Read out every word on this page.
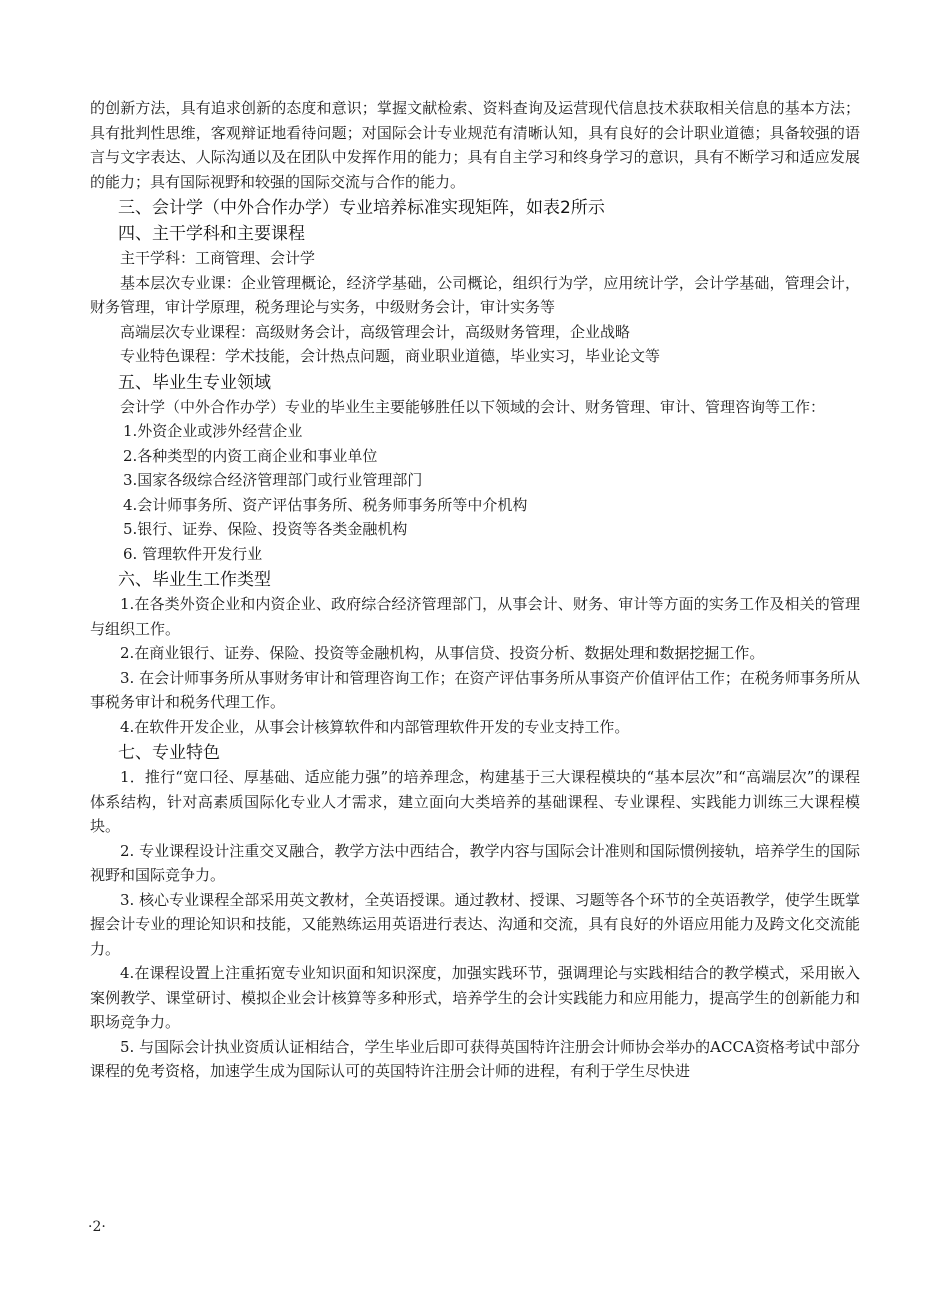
的创新方法，具有追求创新的态度和意识；掌握文献检索、资料查询及运营现代信息技术获取相关信息的基本方法；具有批判性思维，客观辩证地看待问题；对国际会计专业规范有清晰认知，具有良好的会计职业道德；具备较强的语言与文字表达、人际沟通以及在团队中发挥作用的能力；具有自主学习和终身学习的意识，具有不断学习和适应发展的能力；具有国际视野和较强的国际交流与合作的能力。

三、会计学（中外合作办学）专业培养标准实现矩阵，如表2所示
四、主干学科和主要课程

主干学科：工商管理、会计学

基本层次专业课：企业管理概论，经济学基础，公司概论，组织行为学，应用统计学，会计学基础，管理会计，财务管理，审计学原理，税务理论与实务，中级财务会计，审计实务等

高端层次专业课程：高级财务会计，高级管理会计，高级财务管理，企业战略

专业特色课程：学术技能，会计热点问题，商业职业道德，毕业实习，毕业论文等

五、毕业生专业领域

会计学（中外合作办学）专业的毕业生主要能够胜任以下领域的会计、财务管理、审计、管理咨询等工作：

1.外资企业或涉外经营企业

2.各种类型的内资工商企业和事业单位

3.国家各级综合经济管理部门或行业管理部门

4.会计师事务所、资产评估事务所、税务师事务所等中介机构

5.银行、证券、保险、投资等各类金融机构

6. 管理软件开发行业

六、毕业生工作类型

1.在各类外资企业和内资企业、政府综合经济管理部门，从事会计、财务、审计等方面的实务工作及相关的管理与组织工作。

2.在商业银行、证券、保险、投资等金融机构，从事信贷、投资分析、数据处理和数据挖掘工作。

3. 在会计师事务所从事财务审计和管理咨询工作；在资产评估事务所从事资产价值评估工作；在税务师事务所从事税务审计和税务代理工作。

4.在软件开发企业，从事会计核算软件和内部管理软件开发的专业支持工作。

七、专业特色

1．推行“宽口径、厚基础、适应能力强”的培养理念，构建基于三大课程模块的“基本层次”和“高端层次”的课程体系结构，针对高素质国际化专业人才需求，建立面向大类培养的基础课程、专业课程、实践能力训练三大课程模块。

2. 专业课程设计注重交叉融合，教学方法中西结合，教学内容与国际会计准则和国际惯例接轨，培养学生的国际视野和国际竞争力。

3. 核心专业课程全部采用英文教材，全英语授课。通过教材、授课、习题等各个环节的全英语教学，使学生既掌握会计专业的理论知识和技能，又能熟练运用英语进行表达、沟通和交流，具有良好的外语应用能力及跨文化交流能力。

4.在课程设置上注重拓宽专业知识面和知识深度，加强实践环节，强调理论与实践相结合的教学模式，采用嵌入案例教学、课堂研讨、模拟企业会计核算等多种形式，培养学生的会计实践能力和应用能力，提高学生的创新能力和职场竞争力。

5. 与国际会计执业资质认证相结合，学生毕业后即可获得英国特许注册会计师协会举办的ACCA资格考试中部分课程的免考资格，加速学生成为国际认可的英国特许注册会计师的进程，有利于学生尽快进

·2·
